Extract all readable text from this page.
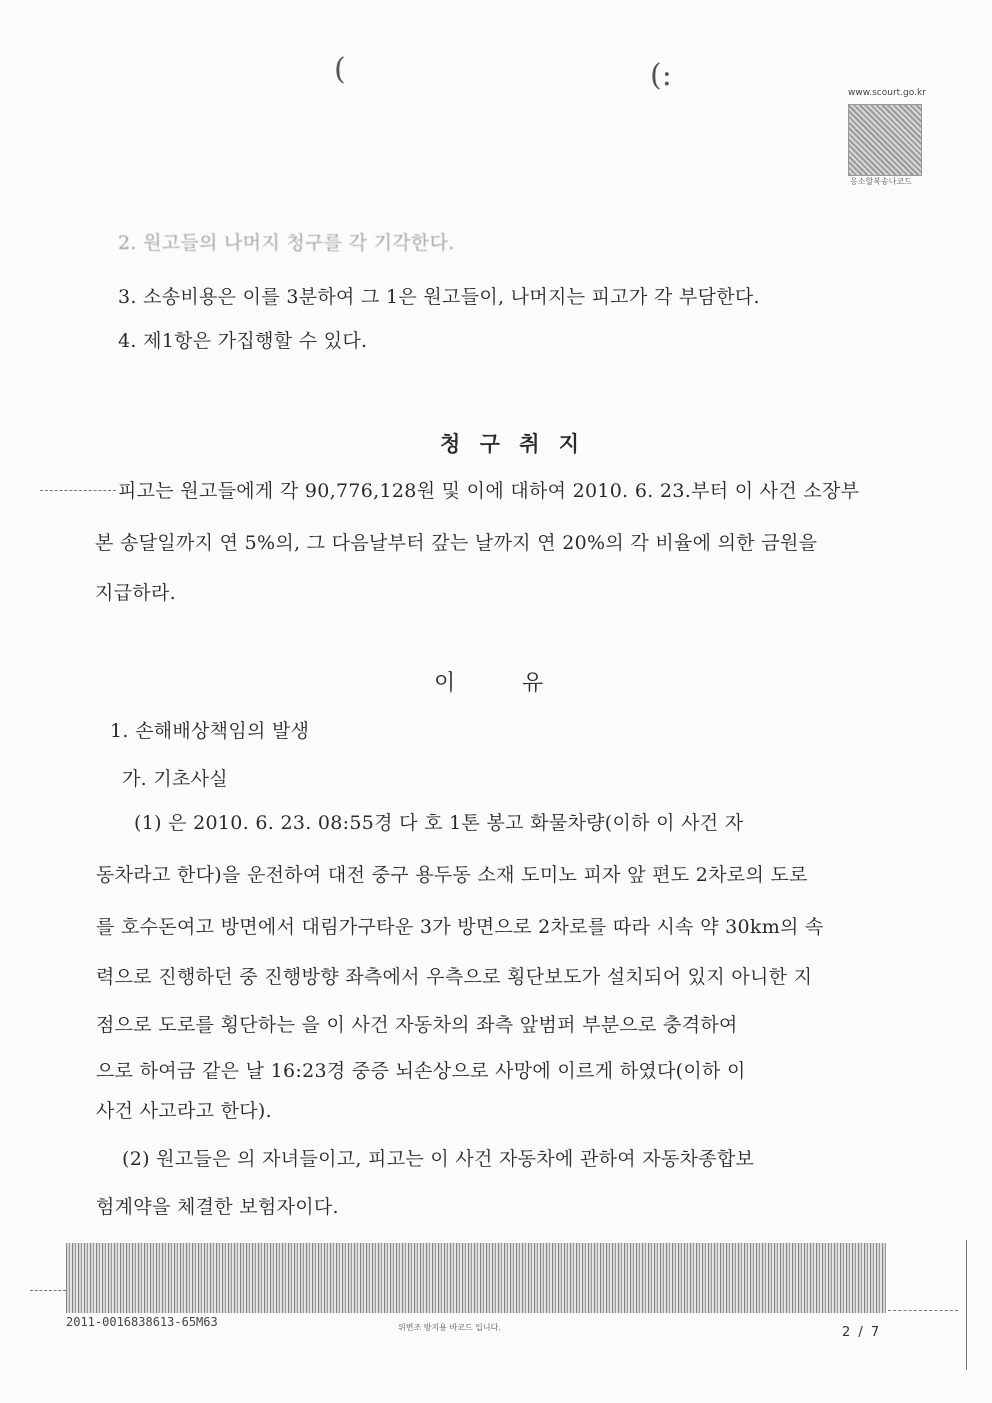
(	(:	www.scourt.go.kr
응소할복송나코드
2. 원고들의 나머지 청구를 각 기각한다.
3. 소송비용은 이를 3분하여 그 1은 원고들이, 나머지는 피고가 각 부담한다.
4. 제1항은 가집행할 수 있다.
청 구 취 지
피고는 원고들에게 각 90,776,128원 및 이에 대하여 2010. 6. 23.부터 이 사건 소장부
본 송달일까지 연 5%의, 그 다음날부터 갚는 날까지 연 20%의 각 비율에 의한 금원을
지급하라.
이	유
1. 손해배상책임의 발생
가. 기초사실
(1) 은 2010. 6. 23. 08:55경 다 호 1톤 봉고 화물차량(이하 이 사건 자
동차라고 한다)을 운전하여 대전 중구 용두동 소재 도미노 피자 앞 편도 2차로의 도로
를 호수돈여고 방면에서 대림가구타운 3가 방면으로 2차로를 따라 시속 약 30km의 속
력으로 진행하던 중 진행방향 좌측에서 우측으로 횡단보도가 설치되어 있지 아니한 지
점으로 도로를 횡단하는 을 이 사건 자동차의 좌측 앞범퍼 부분으로 충격하여
으로 하여금 같은 날 16:23경 중증 뇌손상으로 사망에 이르게 하였다(이하 이
사건 사고라고 한다).
(2) 원고들은 의 자녀들이고, 피고는 이 사건 자동차에 관하여 자동차종합보
험계약을 체결한 보험자이다.
2011-0016838613-65M63	위변조 방지용 바코드 입니다.	2 / 7
